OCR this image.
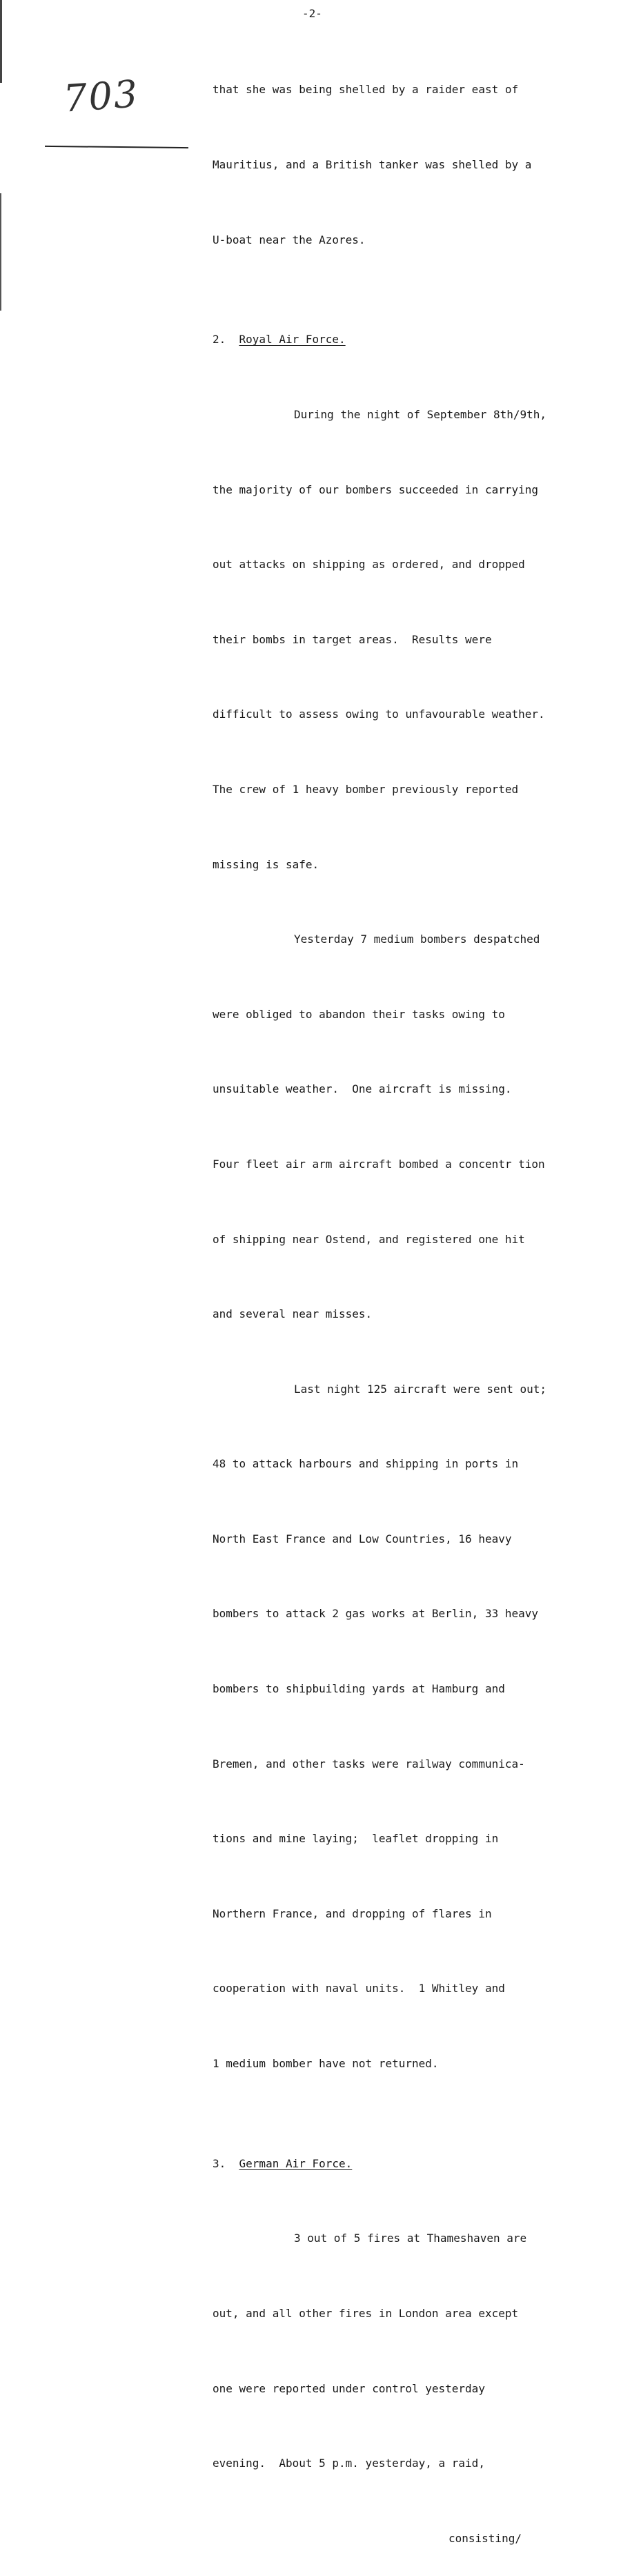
703
-2-

that she was being shelled by a raider east of

Mauritius, and a British tanker was shelled by a

U-boat near the Azores.

2. Royal Air Force.

During the night of September 8th/9th,

the majority of our bombers succeeded in carrying

out attacks on shipping as ordered, and dropped

their bombs in target areas.  Results were

difficult to assess owing to unfavourable weather.

The crew of 1 heavy bomber previously reported

missing is safe.

Yesterday 7 medium bombers despatched

were obliged to abandon their tasks owing to

unsuitable weather.  One aircraft is missing.

Four fleet air arm aircraft bombed a concentr tion

of shipping near Ostend, and registered one hit

and several near misses.

Last night 125 aircraft were sent out;

48 to attack harbours and shipping in ports in

North East France and Low Countries, 16 heavy

bombers to attack 2 gas works at Berlin, 33 heavy

bombers to shipbuilding yards at Hamburg and

Bremen, and other tasks were railway communica-

tions and mine laying;  leaflet dropping in

Northern France, and dropping of flares in

cooperation with naval units.  1 Whitley and

1 medium bomber have not returned.

3. German Air Force.

3 out of 5 fires at Thameshaven are

out, and all other fires in London area except

one were reported under control yesterday

evening.  About 5 p.m. yesterday, a raid,

consisting/
